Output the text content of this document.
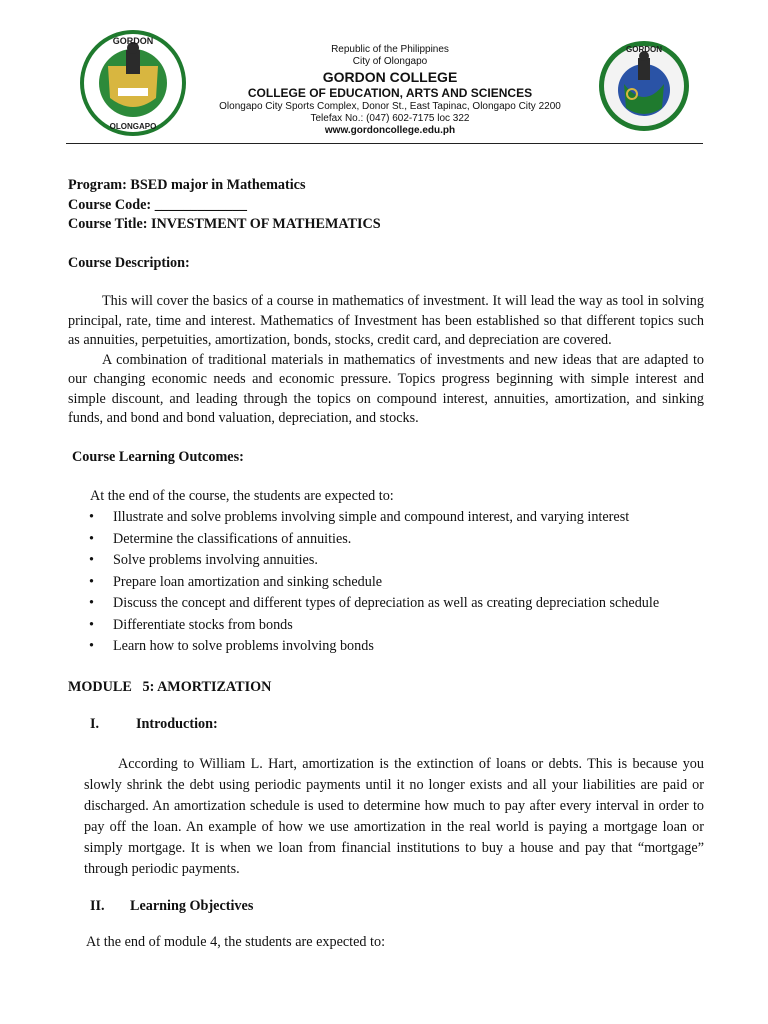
GORDON
OLONGAPO
Republic of the Philippines
City of Olongapo
GORDON COLLEGE
COLLEGE OF EDUCATION, ARTS AND SCIENCES
Olongapo City Sports Complex, Donor St., East Tapinac, Olongapo City 2200
Telefax No.: (047) 602-7175 loc 322
www.gordoncollege.edu.ph
GORDON
Program: BSED major in Mathematics
Course Code: _____________
Course Title: INVESTMENT OF MATHEMATICS
Course Description:

This will cover the basics of a course in mathematics of investment. It will lead the way as tool in solving principal, rate, time and interest. Mathematics of Investment has been established so that different topics such as annuities, perpetuities, amortization, bonds, stocks, credit card, and depreciation are covered.

A combination of traditional materials in mathematics of investments and new ideas that are adapted to our changing economic needs and economic pressure. Topics progress beginning with simple interest and simple discount, and leading through the topics on compound interest, annuities, amortization, and sinking funds, and bond and bond valuation, depreciation, and stocks.

Course Learning Outcomes:

At the end of the course, the students are expected to:

• Illustrate and solve problems involving simple and compound interest, and varying interest
• Determine the classifications of annuities.
• Solve problems involving annuities.
• Prepare loan amortization and sinking schedule
• Discuss the concept and different types of depreciation as well as creating depreciation schedule
• Differentiate stocks from bonds
• Learn how to solve problems involving bonds
MODULE   5: AMORTIZATION
I.	Introduction:

According to William L. Hart, amortization is the extinction of loans or debts. This is because you slowly shrink the debt using periodic payments until it no longer exists and all your liabilities are paid or discharged. An amortization schedule is used to determine how much to pay after every interval in order to pay off the loan. An example of how we use amortization in the real world is paying a mortgage loan or simply mortgage. It is when we loan from financial institutions to buy a house and pay that “mortgage” through periodic payments.

II.	Learning Objectives

At the end of module 4, the students are expected to:
